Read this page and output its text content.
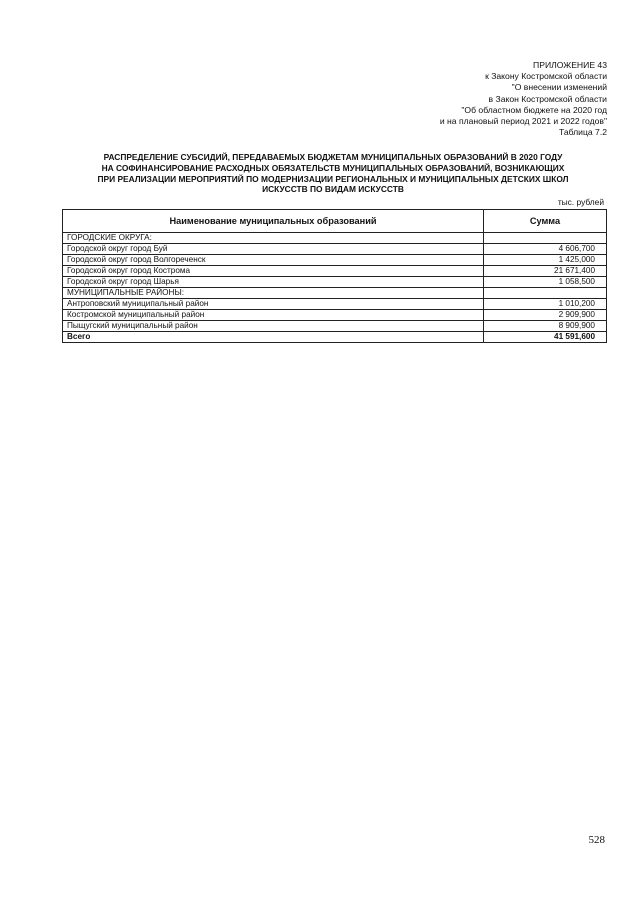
ПРИЛОЖЕНИЕ 43
к Закону Костромской области
"О внесении изменений
в Закон Костромской области
"Об областном бюджете на 2020 год
и на плановый период 2021 и 2022 годов"
Таблица 7.2
РАСПРЕДЕЛЕНИЕ СУБСИДИЙ, ПЕРЕДАВАЕМЫХ БЮДЖЕТАМ МУНИЦИПАЛЬНЫХ ОБРАЗОВАНИЙ В 2020 ГОДУ
НА СОФИНАНСИРОВАНИЕ РАСХОДНЫХ ОБЯЗАТЕЛЬСТВ МУНИЦИПАЛЬНЫХ ОБРАЗОВАНИЙ, ВОЗНИКАЮЩИХ
ПРИ РЕАЛИЗАЦИИ МЕРОПРИЯТИЙ ПО МОДЕРНИЗАЦИИ РЕГИОНАЛЬНЫХ И МУНИЦИПАЛЬНЫХ ДЕТСКИХ ШКОЛ
ИСКУССТВ ПО ВИДАМ ИСКУССТВ
тыс. рублей
Наименование муниципальных образований	Сумма
ГОРОДСКИЕ ОКРУГА:	
Городской округ город Буй	4 606,700
Городской округ город Волгореченск	1 425,000
Городской округ город Кострома	21 671,400
Городской округ город Шарья	1 058,500
МУНИЦИПАЛЬНЫЕ РАЙОНЫ:	
Антроповский муниципальный район	1 010,200
Костромской муниципальный район	2 909,900
Пыщугский муниципальный район	8 909,900
Всего	41 591,600
528
